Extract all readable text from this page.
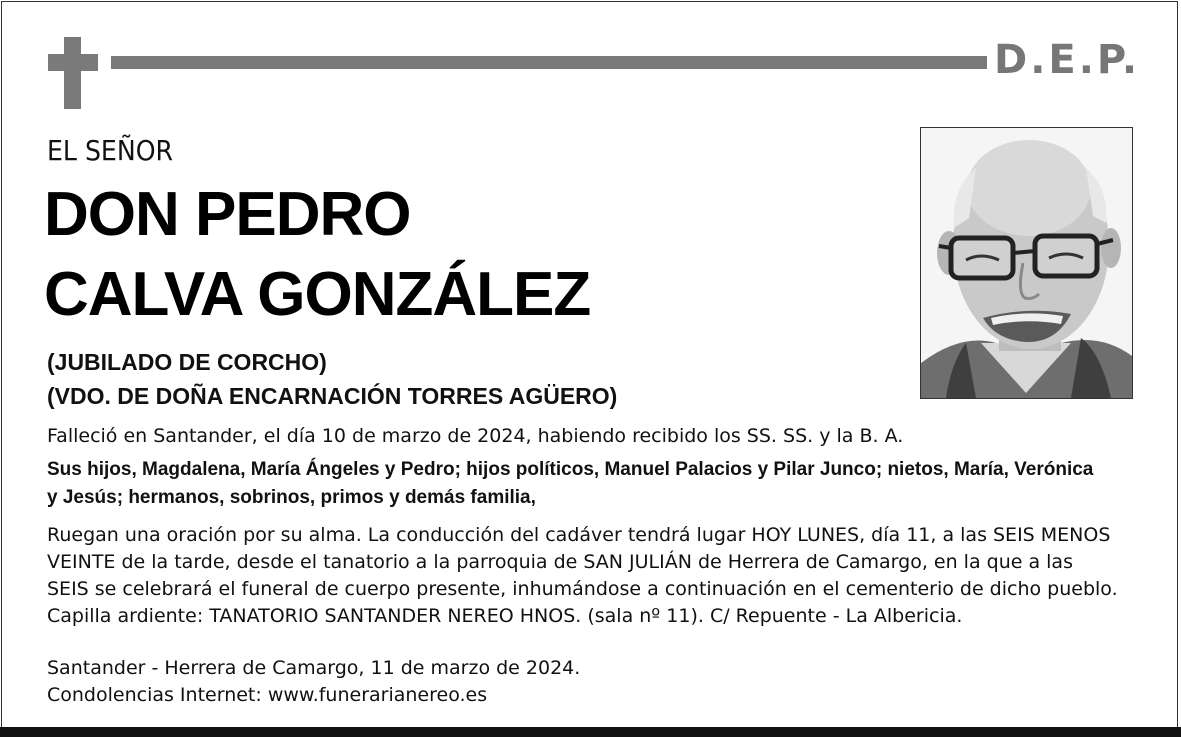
D.E.P.
EL SEÑOR
DON PEDRO
CALVA GONZÁLEZ
(JUBILADO DE CORCHO)
(VDO. DE DOÑA ENCARNACIÓN TORRES AGÜERO)
Falleció en Santander, el día 10 de marzo de 2024, habiendo recibido los SS. SS. y la B. A.
Sus hijos, Magdalena, María Ángeles y Pedro; hijos políticos, Manuel Palacios y Pilar Junco; nietos, María, Verónica
y Jesús; hermanos, sobrinos, primos y demás familia,
Ruegan una oración por su alma. La conducción del cadáver tendrá lugar HOY LUNES, día 11, a las SEIS MENOS
VEINTE de la tarde, desde el tanatorio a la parroquia de SAN JULIÁN de Herrera de Camargo, en la que a las
SEIS se celebrará el funeral de cuerpo presente, inhumándose a continuación en el cementerio de dicho pueblo.
Capilla ardiente: TANATORIO SANTANDER NEREO HNOS. (sala nº 11). C/ Repuente - La Albericia.
Santander - Herrera de Camargo, 11 de marzo de 2024.
Condolencias Internet: www.funerarianereo.es
